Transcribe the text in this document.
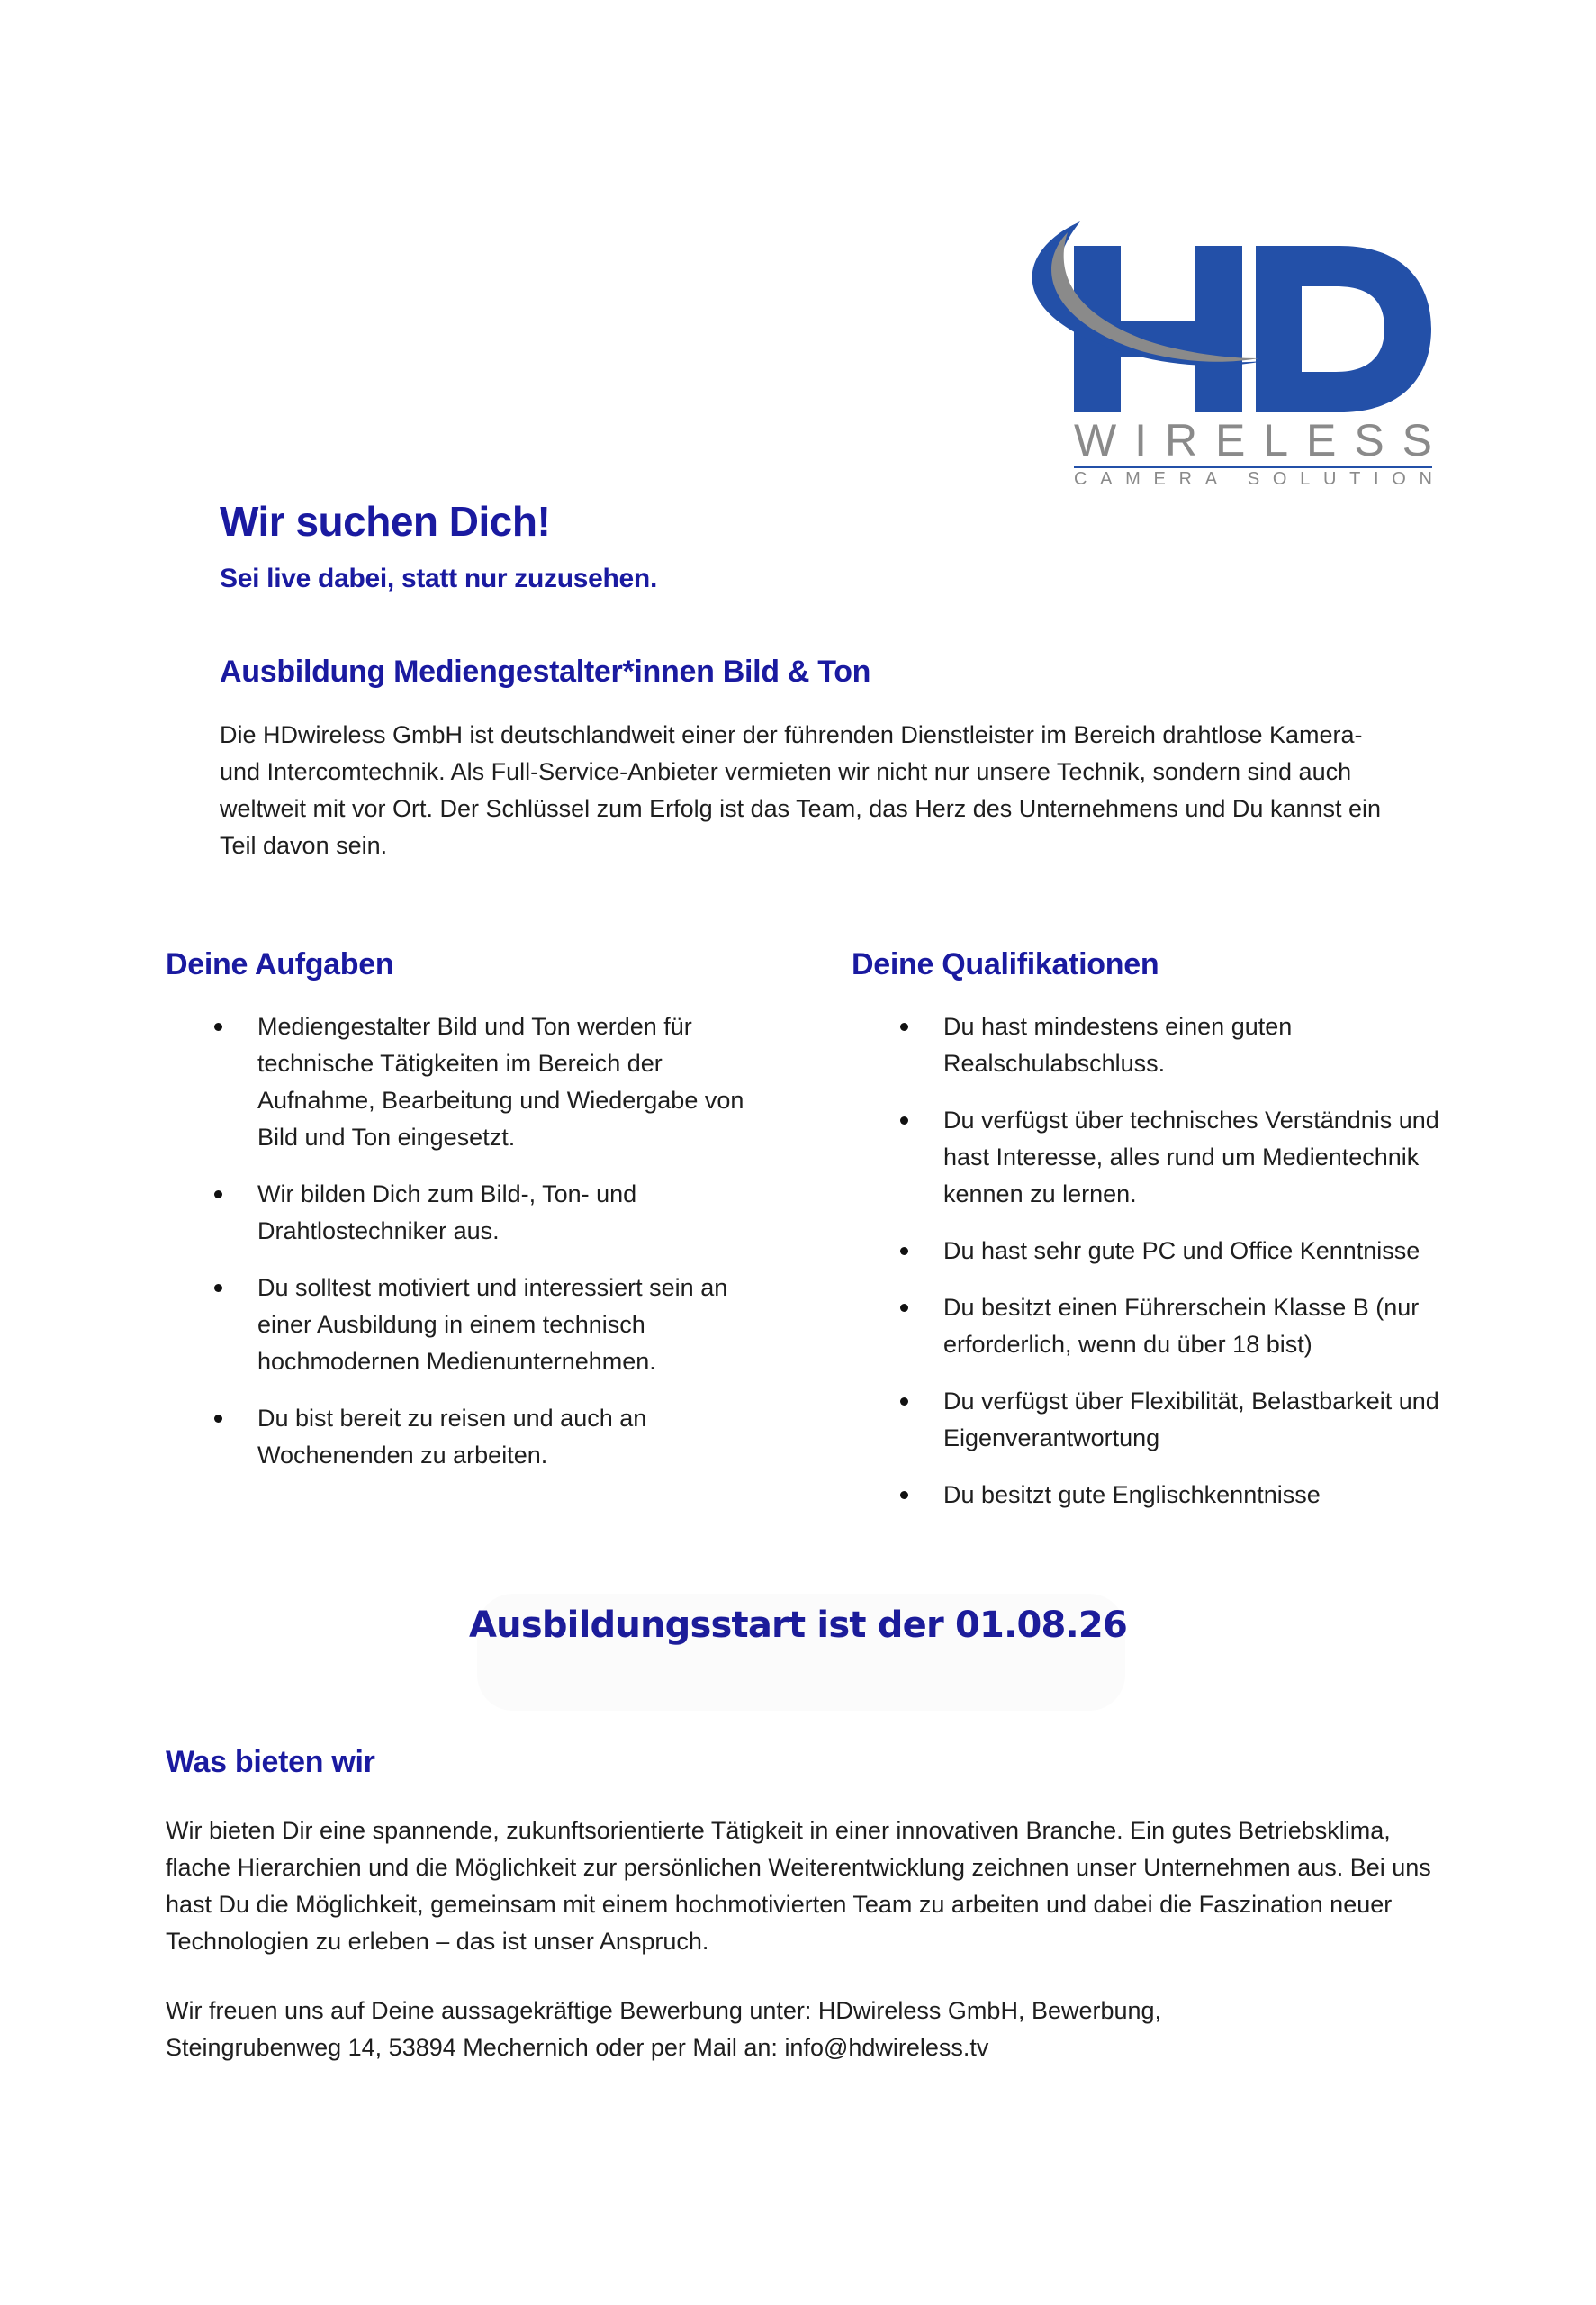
WIRELESS
CAMERA SOLUTION
Wir suchen Dich!
Sei live dabei, statt nur zuzusehen.
Ausbildung Mediengestalter*innen Bild & Ton

Die HDwireless GmbH ist deutschlandweit einer der führenden Dienstleister im Bereich drahtlose Kamera- und Intercomtechnik. Als Full-Service-Anbieter vermieten wir nicht nur unsere Technik, sondern sind auch weltweit mit vor Ort. Der Schlüssel zum Erfolg ist das Team, das Herz des Unternehmens und Du kannst ein Teil davon sein.

Deine Aufgaben
Mediengestalter Bild und Ton werden für technische Tätigkeiten im Bereich der Aufnahme, Bearbeitung und Wiedergabe von Bild und Ton eingesetzt.
Wir bilden Dich zum Bild-, Ton- und Drahtlostechniker aus.
Du solltest motiviert und interessiert sein an einer Ausbildung in einem technisch hochmodernen Medienunternehmen.
Du bist bereit zu reisen und auch an Wochenenden zu arbeiten.
Deine Qualifikationen
Du hast mindestens einen guten Realschulabschluss.
Du verfügst über technisches Verständnis und hast Interesse, alles rund um Medientechnik kennen zu lernen.
Du hast sehr gute PC und Office Kenntnisse
Du besitzt einen Führerschein Klasse B (nur erforderlich, wenn du über 18 bist)
Du verfügst über Flexibilität, Belastbarkeit und Eigenverantwortung
Du besitzt gute Englischkenntnisse
Ausbildungsstart ist der 01.08.26
Was bieten wir

Wir bieten Dir eine spannende, zukunftsorientierte Tätigkeit in einer innovativen Branche. Ein gutes Betriebsklima, flache Hierarchien und die Möglichkeit zur persönlichen Weiterentwicklung zeichnen unser Unternehmen aus. Bei uns hast Du die Möglichkeit, gemeinsam mit einem hochmotivierten Team zu arbeiten und dabei die Faszination neuer Technologien zu erleben – das ist unser Anspruch.

Wir freuen uns auf Deine aussagekräftige Bewerbung unter: HDwireless GmbH, Bewerbung,
Steingrubenweg 14, 53894 Mechernich oder per Mail an: info@hdwireless.tv
